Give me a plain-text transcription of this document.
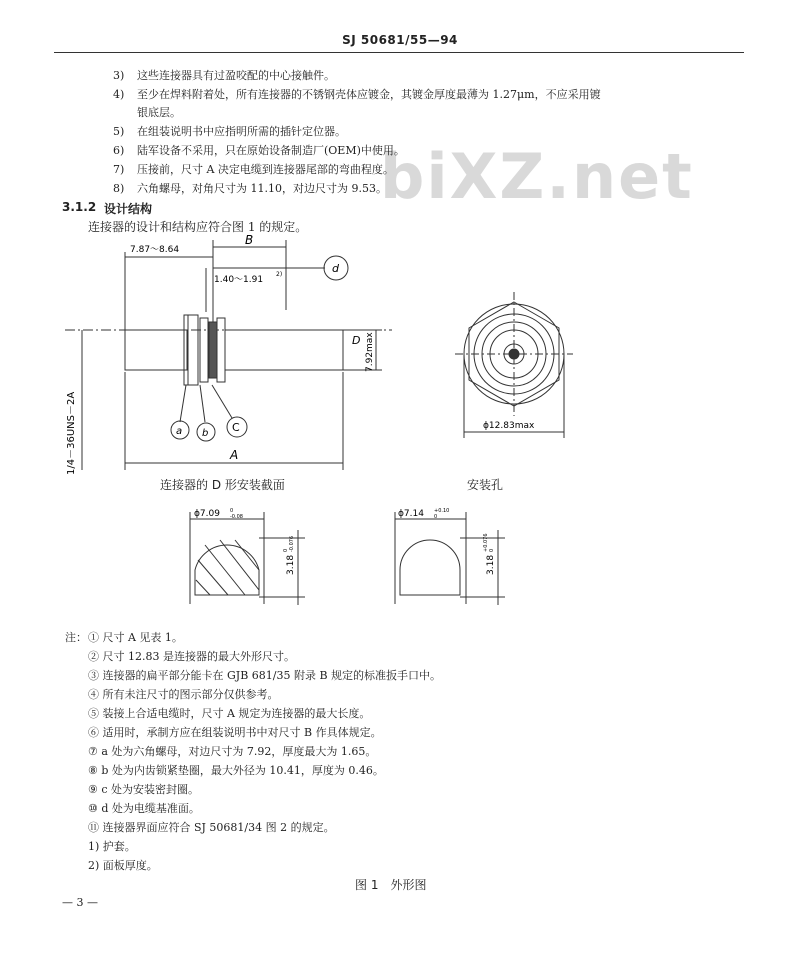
SJ 50681/55—94
biXZ.net
3) 这些连接器具有过盈咬配的中心接触件。
4) 至少在焊料附着处，所有连接器的不锈钢壳体应镀金，其镀金厚度最薄为 1.27μm，不应采用镀
银底层。
5) 在组装说明书中应指明所需的插针定位器。
6) 陆军设备不采用，只在原始设备制造厂(OEM)中使用。
7) 压接前，尺寸 A 决定电缆到连接器尾部的弯曲程度。
8) 六角螺母，对角尺寸为 11.10，对边尺寸为 9.53。
3.1.2 设计结构
连接器的设计和结构应符合图 1 的规定。
7.87～8.64
B
1.40～1.91
2)	d
D 7.92max
1/4－36UNS－2A	a b C
A
ϕ12.83max
ϕ7.09 0
-0.08
3.18
0 -0.076
ϕ7.14 +0.10
0
3.18
+0.076 0
连接器的 D 形安装截面	安装孔
注： ① 尺寸 A 见表 1。
② 尺寸 12.83 是连接器的最大外形尺寸。
③ 连接器的扁平部分能卡在 GJB 681/35 附录 B 规定的标准扳手口中。
④ 所有未注尺寸的图示部分仅供参考。
⑤ 装接上合适电缆时，尺寸 A 规定为连接器的最大长度。
⑥ 适用时，承制方应在组装说明书中对尺寸 B 作具体规定。
⑦ a 处为六角螺母，对边尺寸为 7.92，厚度最大为 1.65。
⑧ b 处为内齿锁紧垫圈，最大外径为 10.41，厚度为 0.46。
⑨ c 处为安装密封圈。
⑩ d 处为电缆基准面。
⑪ 连接器界面应符合 SJ 50681/34 图 2 的规定。
1) 护套。
2) 面板厚度。
图 1　外形图
— 3 —
